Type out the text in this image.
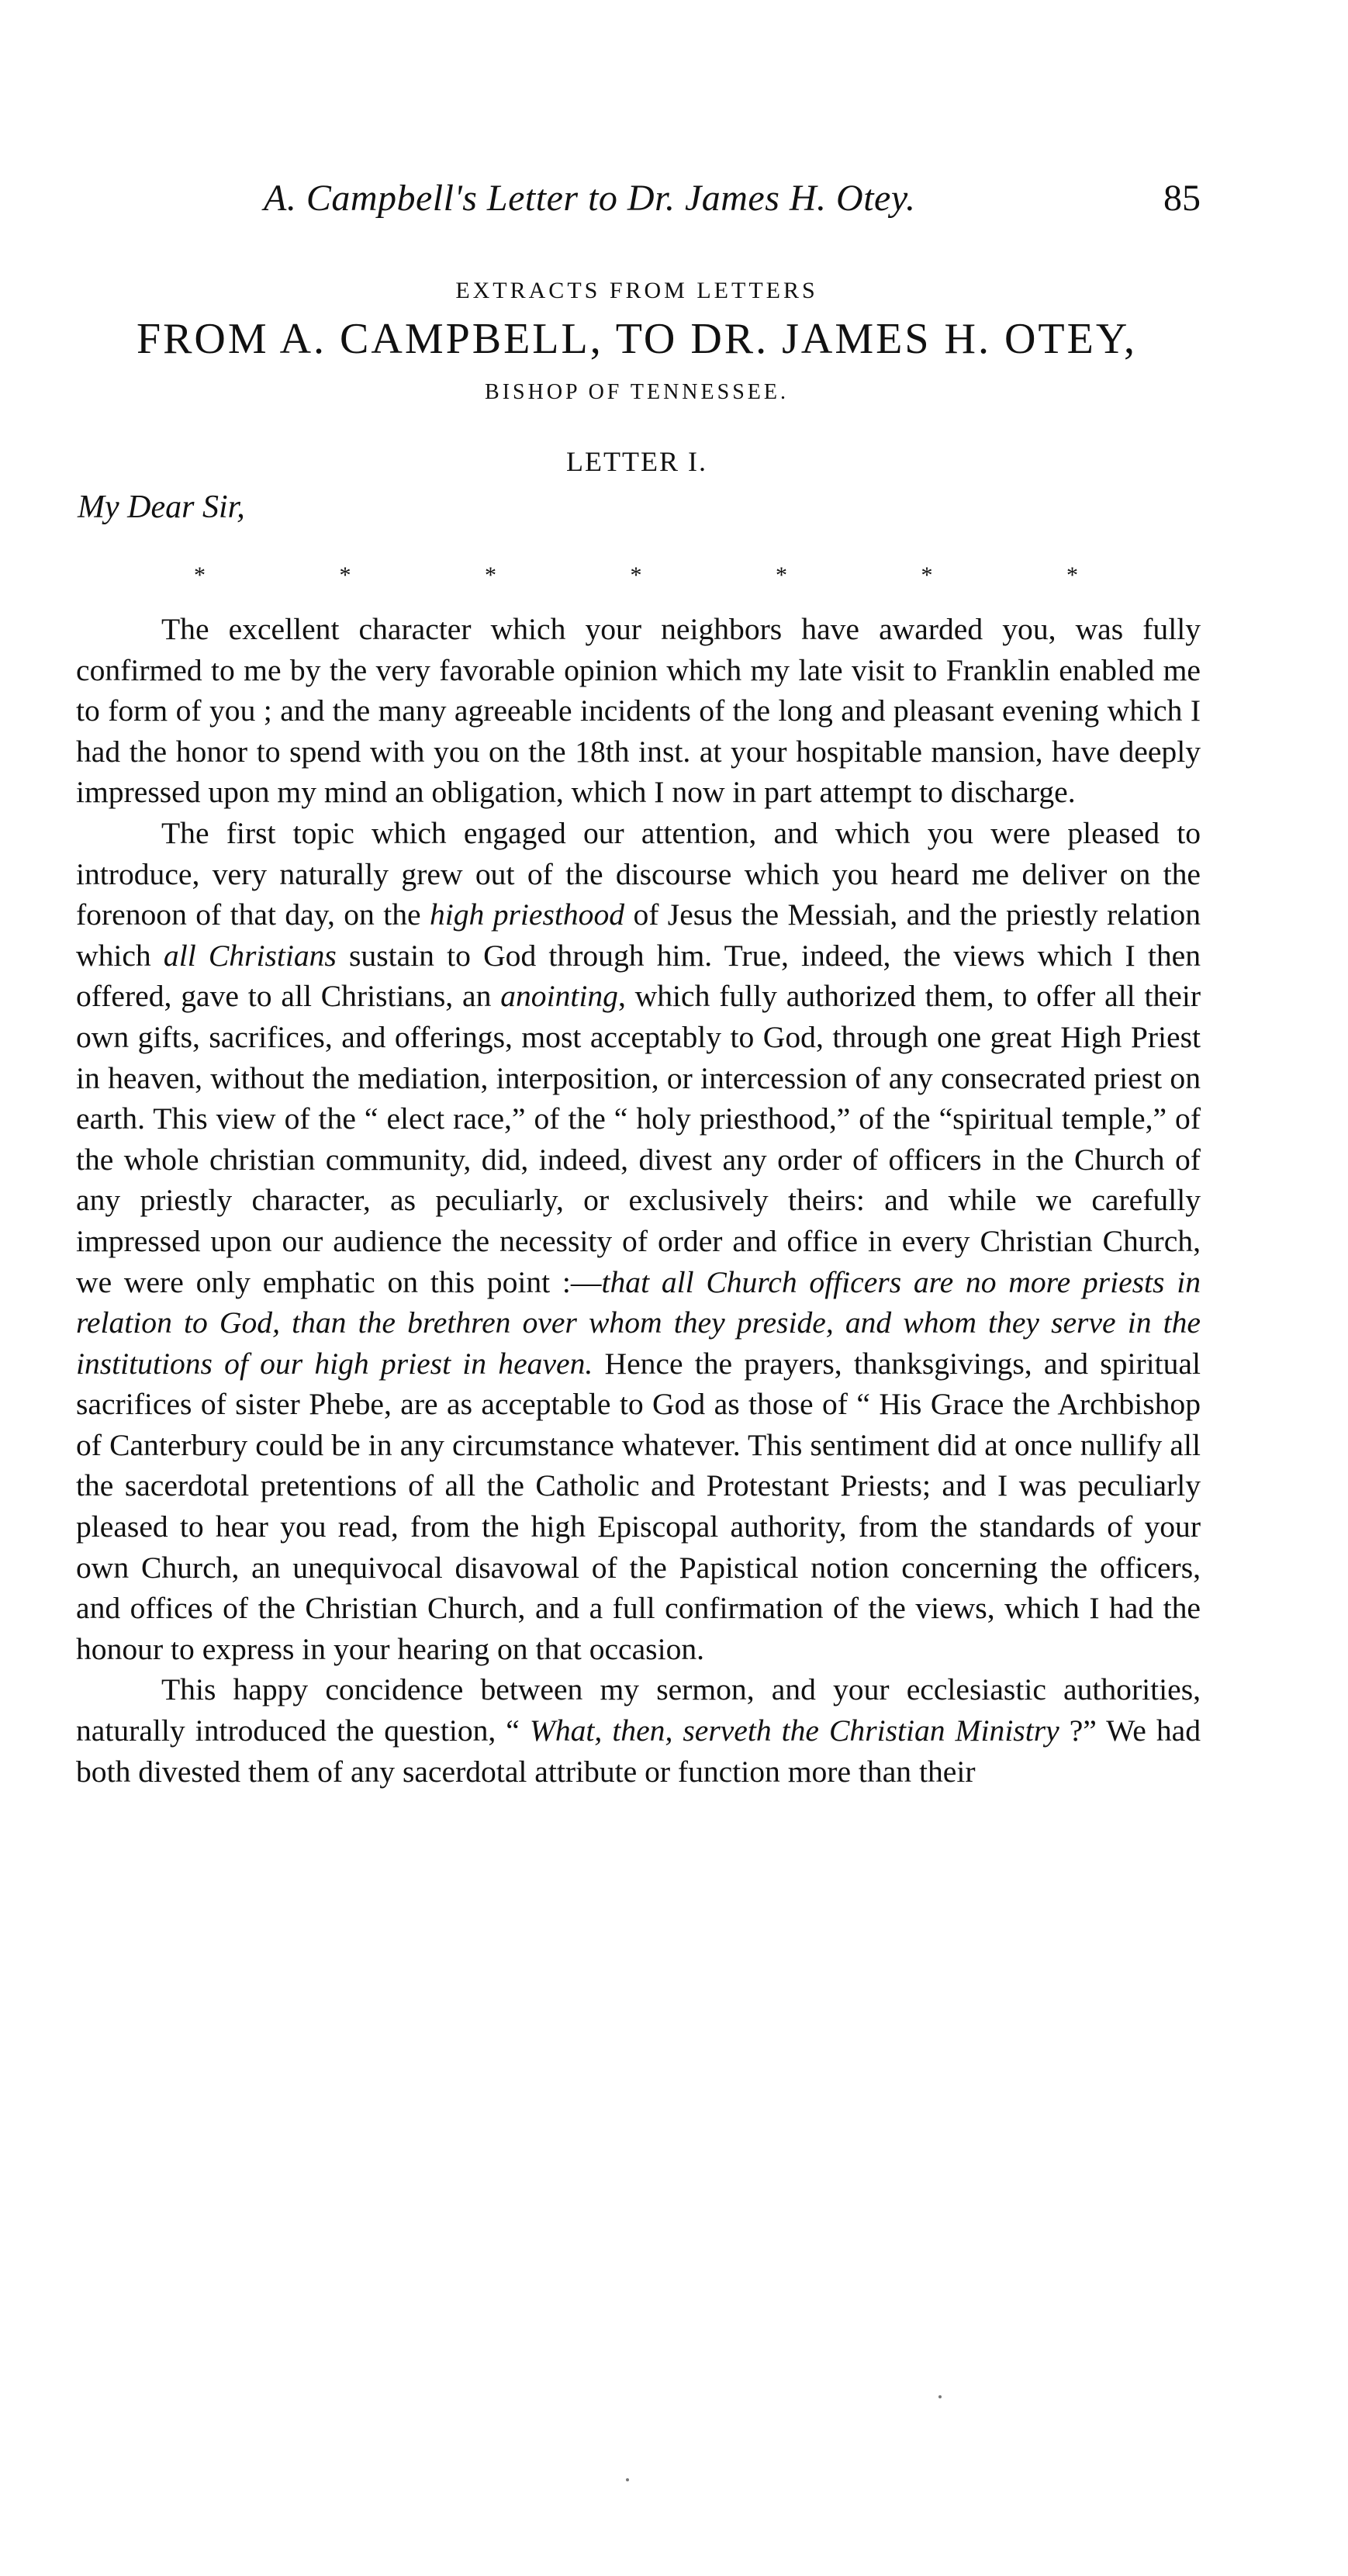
A. Campbell's Letter to Dr. James H. Otey.	85
EXTRACTS FROM LETTERS
FROM A. CAMPBELL, TO DR. JAMES H. OTEY,
BISHOP OF TENNESSEE.
LETTER I.
My Dear Sir,
*	*	*	*	*	*	*

The excellent character which your neighbors have awarded you, was fully confirmed to me by the very favorable opinion which my late visit to Franklin enabled me to form of you ; and the many agreeable incidents of the long and pleasant evening which I had the honor to spend with you on the 18th inst. at your hospitable mansion, have deeply impressed upon my mind an obligation, which I now in part attempt to discharge.

The first topic which engaged our attention, and which you were pleased to introduce, very naturally grew out of the discourse which you heard me deliver on the forenoon of that day, on the high priesthood of Jesus the Messiah, and the priestly relation which all Christians sustain to God through him. True, indeed, the views which I then offered, gave to all Christians, an anointing, which fully authorized them, to offer all their own gifts, sacrifices, and offerings, most acceptably to God, through one great High Priest in heaven, without the mediation, interposition, or intercession of any consecrated priest on earth. This view of the “ elect race,” of the “ holy priesthood,” of the “spiritual temple,” of the whole christian community, did, indeed, divest any order of officers in the Church of any priestly character, as peculiarly, or exclusively theirs: and while we carefully impressed upon our audience the necessity of order and office in every Christian Church, we were only emphatic on this point :—that all Church officers are no more priests in relation to God, than the brethren over whom they preside, and whom they serve in the institutions of our high priest in heaven. Hence the prayers, thanksgivings, and spiritual sacrifices of sister Phebe, are as acceptable to God as those of “ His Grace the Archbishop of Canterbury could be in any circumstance whatever. This sentiment did at once nullify all the sacerdotal pretentions of all the Catholic and Protestant Priests; and I was peculiarly pleased to hear you read, from the high Episcopal authority, from the standards of your own Church, an unequivocal disavowal of the Papistical notion concerning the officers, and offices of the Christian Church, and a full confirmation of the views, which I had the honour to express in your hearing on that occasion.

This happy concidence between my sermon, and your ecclesiastic authorities, naturally introduced the question, “ What, then, serveth the Christian Ministry ?” We had both divested them of any sacerdotal attribute or function more than their
